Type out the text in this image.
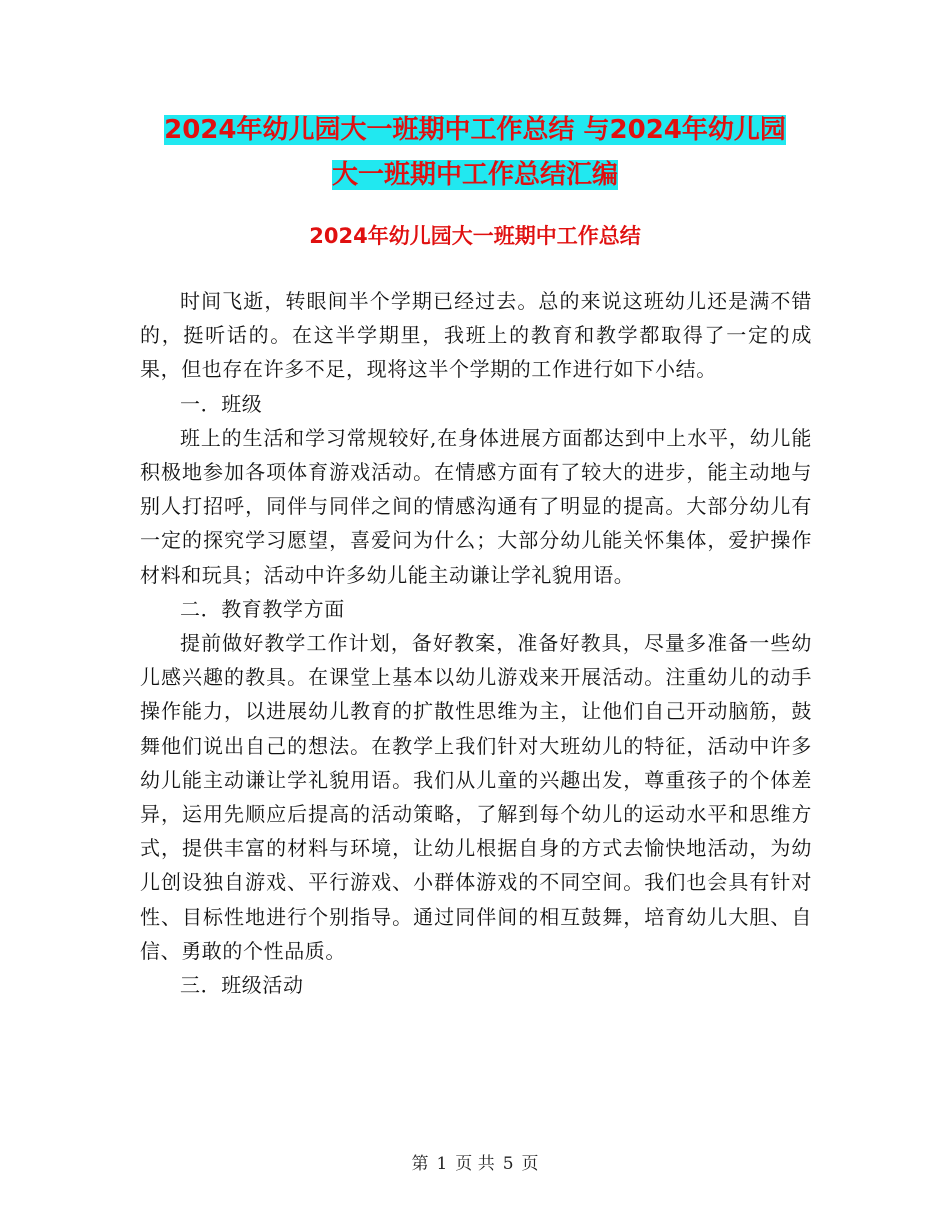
2024年幼儿园大一班期中工作总结 与2024年幼儿园
大一班期中工作总结汇编
2024年幼儿园大一班期中工作总结

时间飞逝，转眼间半个学期已经过去。总的来说这班幼儿还是满不错的，挺听话的。在这半学期里，我班上的教育和教学都取得了一定的成果，但也存在许多不足，现将这半个学期的工作进行如下小结。

一．班级

班上的生活和学习常规较好,在身体进展方面都达到中上水平，幼儿能积极地参加各项体育游戏活动。在情感方面有了较大的进步，能主动地与别人打招呼，同伴与同伴之间的情感沟通有了明显的提高。大部分幼儿有一定的探究学习愿望，喜爱问为什么；大部分幼儿能关怀集体，爱护操作材料和玩具；活动中许多幼儿能主动谦让学礼貌用语。

二．教育教学方面

提前做好教学工作计划，备好教案，准备好教具，尽量多准备一些幼儿感兴趣的教具。在课堂上基本以幼儿游戏来开展活动。注重幼儿的动手操作能力，以进展幼儿教育的扩散性思维为主，让他们自己开动脑筋，鼓舞他们说出自己的想法。在教学上我们针对大班幼儿的特征，活动中许多幼儿能主动谦让学礼貌用语。我们从儿童的兴趣出发，尊重孩子的个体差异，运用先顺应后提高的活动策略，了解到每个幼儿的运动水平和思维方式，提供丰富的材料与环境，让幼儿根据自身的方式去愉快地活动，为幼儿创设独自游戏、平行游戏、小群体游戏的不同空间。我们也会具有针对性、目标性地进行个别指导。通过同伴间的相互鼓舞，培育幼儿大胆、自信、勇敢的个性品质。

三．班级活动

第 1 页 共 5 页
